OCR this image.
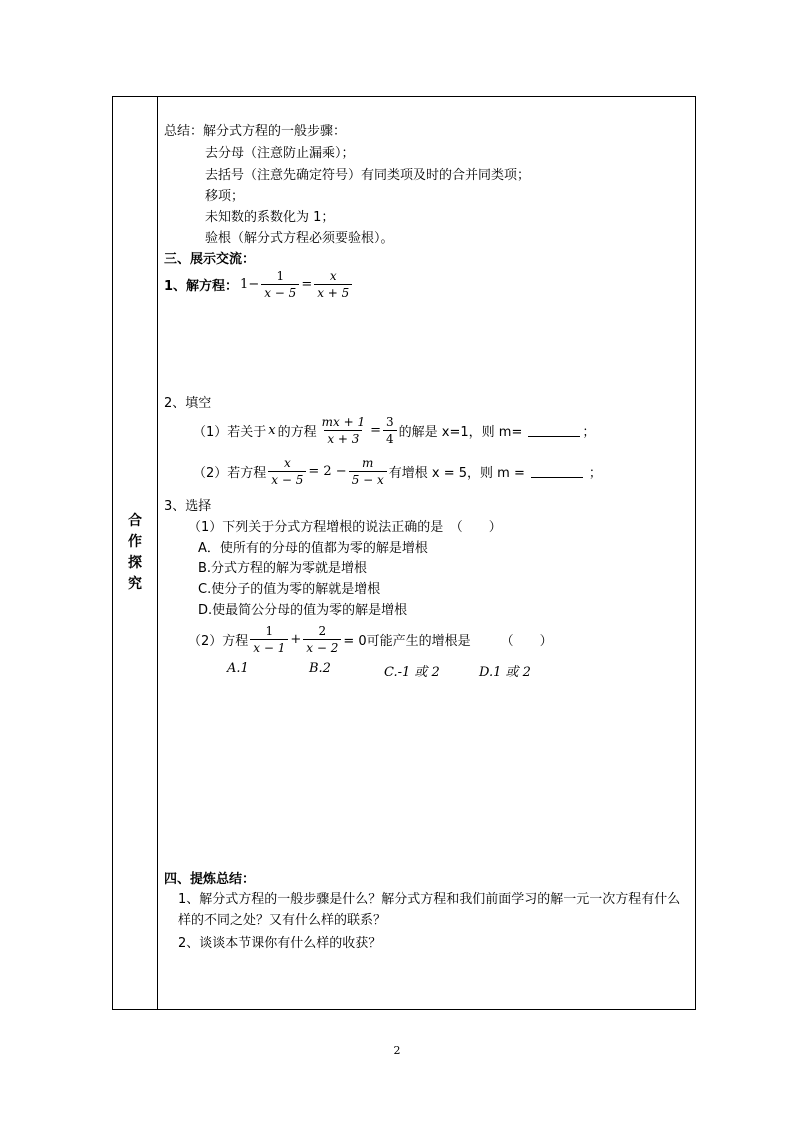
合作探究
总结：解分式方程的一般步骤：
去分母（注意防止漏乘）；
去括号（注意先确定符号）有同类项及时的合并同类项；
移项；
未知数的系数化为 1；
验根（解分式方程必须要验根）。
三、展示交流：
1、解方程： $1- \frac{1}{x - 5} = \frac{x}{x + 5}$
2、填空
（1）若关于 x 的方程 $\frac{mx + 1}{x + 3} = \frac{3}{4}$ 的解是 x=1，则 m=	；
（2）若方程 $\frac{x}{x - 5} = 2 - \frac{m}{5 - x}$ 有增根 x = 5，则 m =	；
3、选择
（1）下列关于分式方程增根的说法正确的是　（　　）
A．使所有的分母的值都为零的解是增根
B.分式方程的解为零就是增根
C.使分子的值为零的解就是增根
D.使最简公分母的值为零的解是增根
（2）方程 $\frac{1}{x - 1} + \frac{2}{x - 2} = 0$可能产生的增根是 （　　）
A.1	B.2	C.-1 或 2	D.1 或 2
四、提炼总结：
1、解分式方程的一般步骤是什么？解分式方程和我们前面学习的解一元一次方程有什么样的不同之处？又有什么样的联系？
2、谈谈本节课你有什么样的收获？
2
